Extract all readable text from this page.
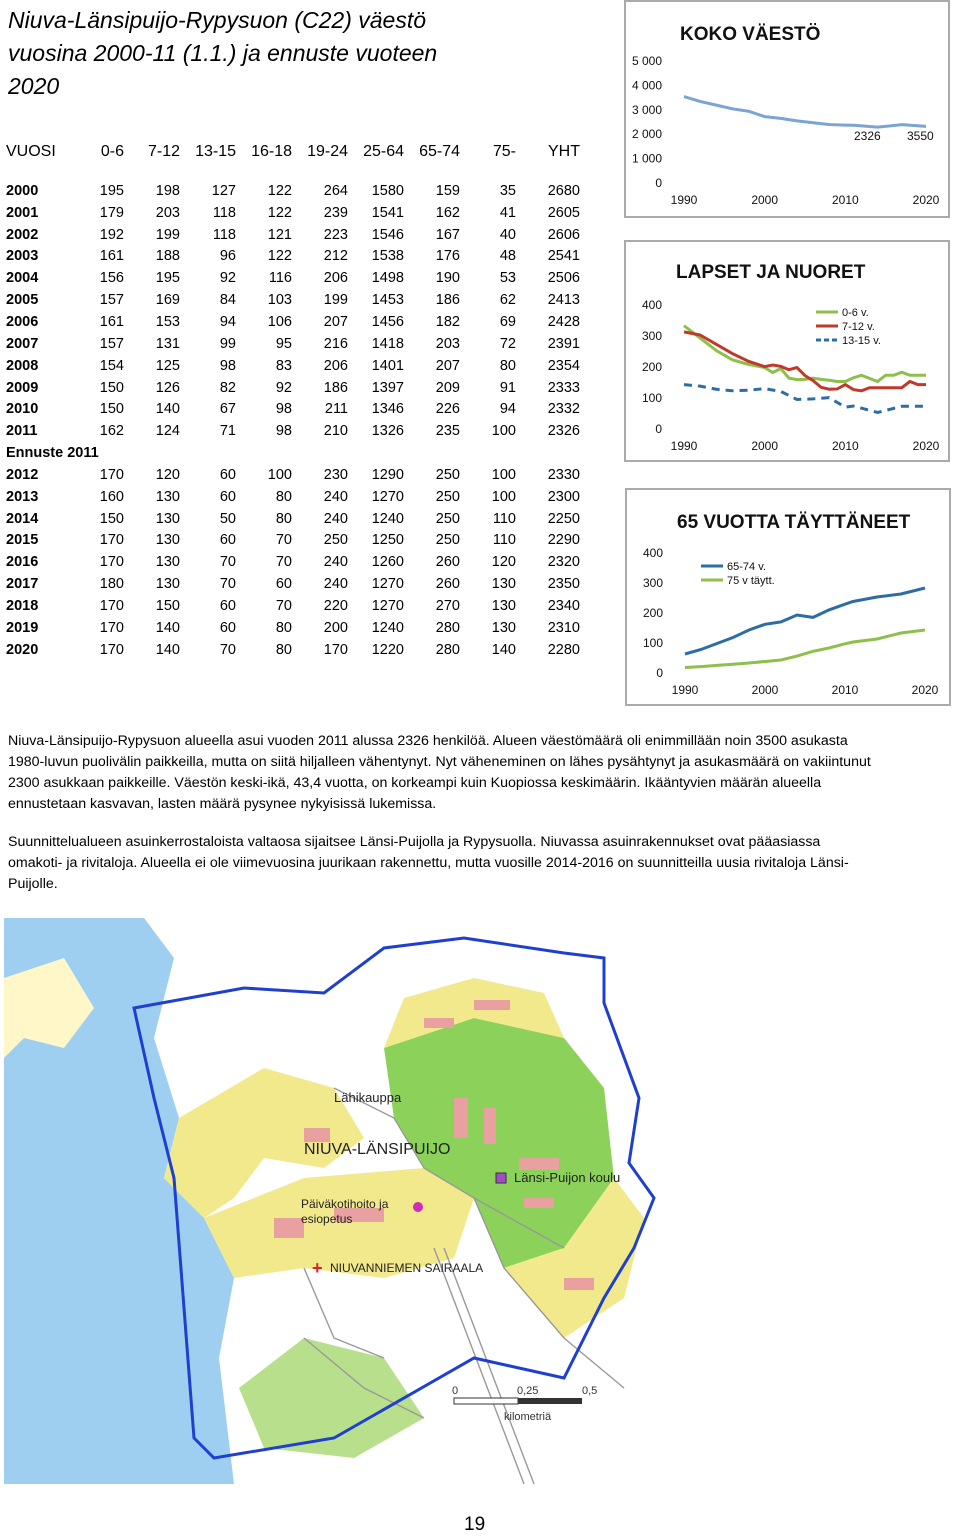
Niuva-Länsipuijo-Rypysuon (C22) väestö
vuosina 2000-11 (1.1.) ja ennuste vuoteen
2020
VUOSI	0-6	7-12	13-15	16-18	19-24	25-64	65-74	75-	YHT

2000	195	198	127	122	264	1580	159	35	2680
2001	179	203	118	122	239	1541	162	41	2605
2002	192	199	118	121	223	1546	167	40	2606
2003	161	188	96	122	212	1538	176	48	2541
2004	156	195	92	116	206	1498	190	53	2506
2005	157	169	84	103	199	1453	186	62	2413
2006	161	153	94	106	207	1456	182	69	2428
2007	157	131	99	95	216	1418	203	72	2391
2008	154	125	98	83	206	1401	207	80	2354
2009	150	126	82	92	186	1397	209	91	2333
2010	150	140	67	98	211	1346	226	94	2332
2011	162	124	71	98	210	1326	235	100	2326
Ennuste 2011									
2012	170	120	60	100	230	1290	250	100	2330
2013	160	130	60	80	240	1270	250	100	2300
2014	150	130	50	80	240	1240	250	110	2250
2015	170	130	60	70	250	1250	250	110	2290
2016	170	130	70	70	240	1260	260	120	2320
2017	180	130	70	60	240	1270	260	130	2350
2018	170	150	60	70	220	1270	270	130	2340
2019	170	140	60	80	200	1240	280	130	2310
2020	170	140	70	80	170	1220	280	140	2280
KOKO VÄESTÖ
0
1 000
2 000
3 000
4 000
5 000
1990	2000	2010	2020
2326 3550
LAPSET JA NUORET
0
100
200
300
400
1990	2000	2010	2020
0-6 v.
7-12 v.
13-15 v.
65 VUOTTA TÄYTTÄNEET
0
100
200
300
400
1990	2000	2010	2020
65-74 v.
75 v täytt.
Niuva-Länsipuijo-Rypysuon alueella asui vuoden 2011 alussa 2326 henkilöä. Alueen väestömäärä oli enimmillään noin 3500 asukasta
1980-luvun puolivälin paikkeilla, mutta on siitä hiljalleen vähentynyt. Nyt väheneminen on lähes pysähtynyt ja asukasmäärä on vakiintunut
2300 asukkaan paikkeille. Väestön keski-ikä, 43,4 vuotta, on korkeampi kuin Kuopiossa keskimäärin. Ikääntyvien määrän alueella
ennustetaan kasvavan, lasten määrä pysynee nykyisissä lukemissa.
Suunnittelualueen asuinkerrostaloista valtaosa sijaitsee Länsi-Puijolla ja Rypysuolla. Niuvassa asuinrakennukset ovat pääasiassa
omakoti- ja rivitaloja. Alueella ei ole viimevuosina juurikaan rakennettu, mutta vuosille 2014-2016 on suunnitteilla uusia rivitaloja Länsi-
Puijolle.
Lähikauppa
NIUVA-LÄNSIPUIJO
Länsi-Puijon koulu
Päiväkotihoito ja
esiopetus
+ NIUVANNIEMEN SAIRAALA
0	0,25	0,5
kilometriä
19
